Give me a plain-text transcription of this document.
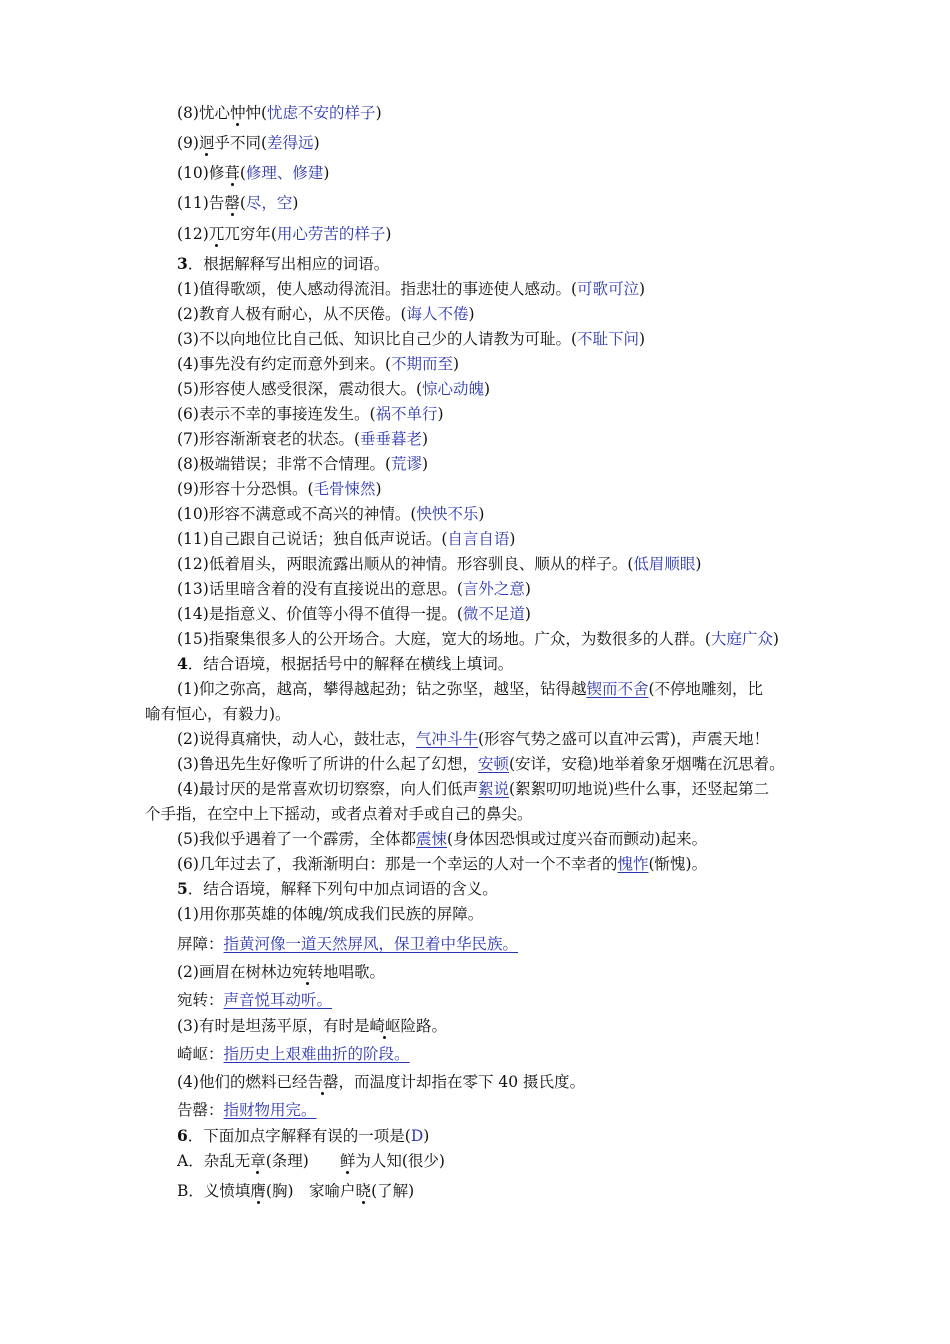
(8)忧心忡忡(忧虑不安的样子)
(9)迥乎不同(差得远)
(10)修葺(修理、修建)
(11)告罄(尽，空)
(12)兀兀穷年(用心劳苦的样子)
3．根据解释写出相应的词语。
(1)值得歌颂，使人感动得流泪。指悲壮的事迹使人感动。(可歌可泣)
(2)教育人极有耐心，从不厌倦。(诲人不倦)
(3)不以向地位比自己低、知识比自己少的人请教为可耻。(不耻下问)
(4)事先没有约定而意外到来。(不期而至)
(5)形容使人感受很深，震动很大。(惊心动魄)
(6)表示不幸的事接连发生。(祸不单行)
(7)形容渐渐衰老的状态。(垂垂暮老)
(8)极端错误；非常不合情理。(荒谬)
(9)形容十分恐惧。(毛骨悚然)
(10)形容不满意或不高兴的神情。(怏怏不乐)
(11)自己跟自己说话；独自低声说话。(自言自语)
(12)低着眉头，两眼流露出顺从的神情。形容驯良、顺从的样子。(低眉顺眼)
(13)话里暗含着的没有直接说出的意思。(言外之意)
(14)是指意义、价值等小得不值得一提。(微不足道)
(15)指聚集很多人的公开场合。大庭，宽大的场地。广众，为数很多的人群。(大庭广众)
4．结合语境，根据括号中的解释在横线上填词。
(1)仰之弥高，越高，攀得越起劲；钻之弥坚，越坚，钻得越锲而不舍(不停地雕刻，比
喻有恒心，有毅力)。
(2)说得真痛快，动人心，鼓壮志，气冲斗牛(形容气势之盛可以直冲云霄)，声震天地！
(3)鲁迅先生好像听了所讲的什么起了幻想，安顿(安详，安稳)地举着象牙烟嘴在沉思着。
(4)最讨厌的是常喜欢切切察察，向人们低声絮说(絮絮叨叨地说)些什么事，还竖起第二
个手指，在空中上下摇动，或者点着对手或自己的鼻尖。
(5)我似乎遇着了一个霹雳，全体都震悚(身体因恐惧或过度兴奋而颤动)起来。
(6)几年过去了，我渐渐明白：那是一个幸运的人对一个不幸者的愧怍(惭愧)。
5．结合语境，解释下列句中加点词语的含义。
(1)用你那英雄的体魄/筑成我们民族的屏障。
屏障：指黄河像一道天然屏风，保卫着中华民族。
(2)画眉在树林边宛转地唱歌。
宛转：声音悦耳动听。
(3)有时是坦荡平原，有时是崎岖险路。
崎岖：指历史上艰难曲折的阶段。
(4)他们的燃料已经告罄，而温度计却指在零下 40 摄氏度。
告罄：指财物用完。
6．下面加点字解释有误的一项是(D)
A．杂乱无章(条理)　　鲜为人知(很少)
B．义愤填膺(胸)　家喻户晓(了解)
